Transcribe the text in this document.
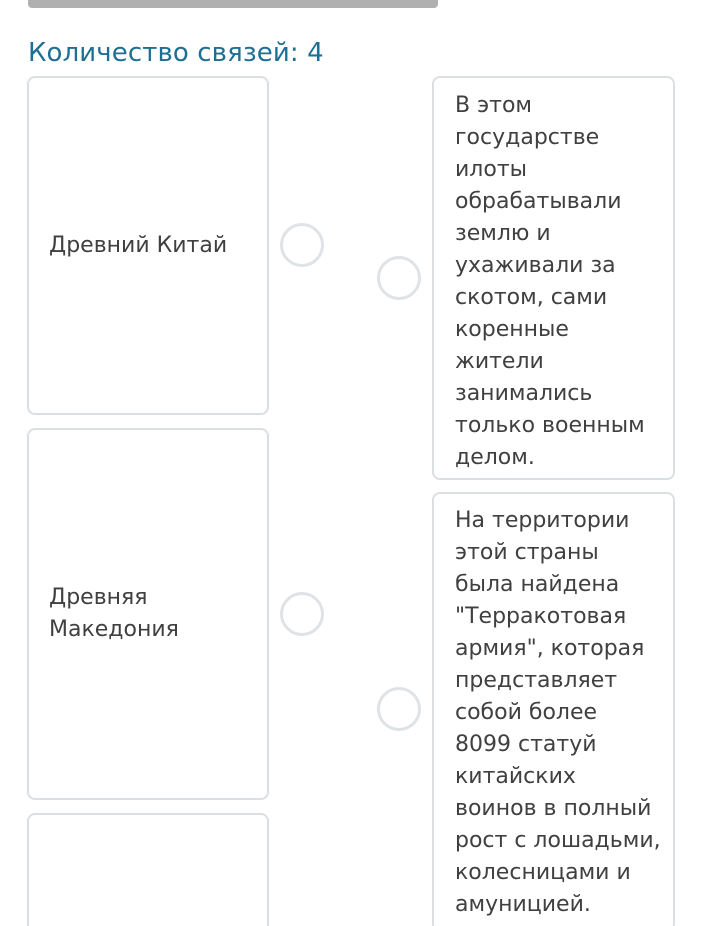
Количество связей: 4
Древний Китай
Древняя
Македония
В этом
государстве
илоты
обрабатывали
землю и
ухаживали за
скотом, сами
коренные
жители
занимались
только военным
делом.
На территории
этой страны
была найдена
"Терракотовая
армия", которая
представляет
собой более
8099 статуй
китайских
воинов в полный
рост с лошадьми,
колесницами и
амуницией.
